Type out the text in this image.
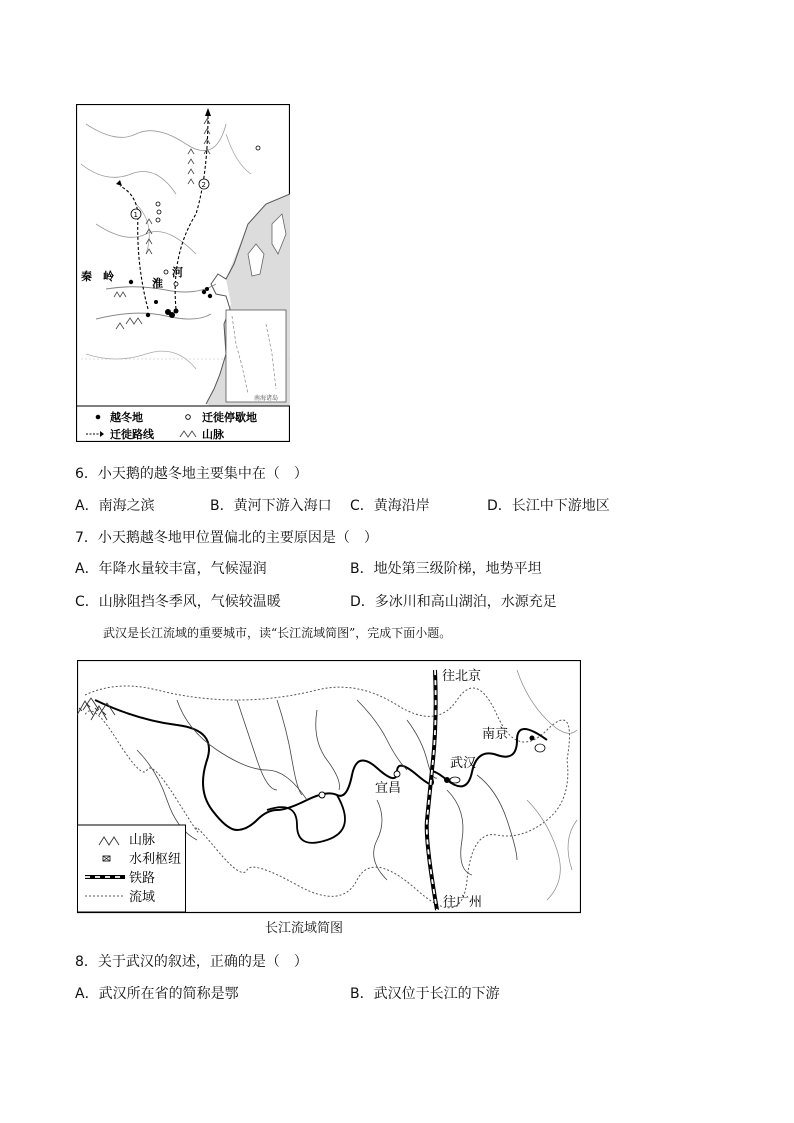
南海诸岛
1
2
秦　岭
淮
河
越冬地	迁徙停歇地
迁徙路线	山脉
6．小天鹅的越冬地主要集中在（　）
A．南海之滨	B．黄河下游入海口 C．黄海沿岸	D．长江中下游地区
7．小天鹅越冬地甲位置偏北的主要原因是（　）
A．年降水量较丰富，气候湿润	B．地处第三级阶梯，地势平坦
C．山脉阻挡冬季风，气候较温暖	D．多冰川和高山湖泊，水源充足
武汉是长江流域的重要城市，读“长江流域简图”，完成下面小题。
往北京
南京
武汉
宜昌
往广州
山脉
水利枢纽
铁路
流域
长江流域简图
8．关于武汉的叙述，正确的是（　）
A．武汉所在省的简称是鄂	B．武汉位于长江的下游
